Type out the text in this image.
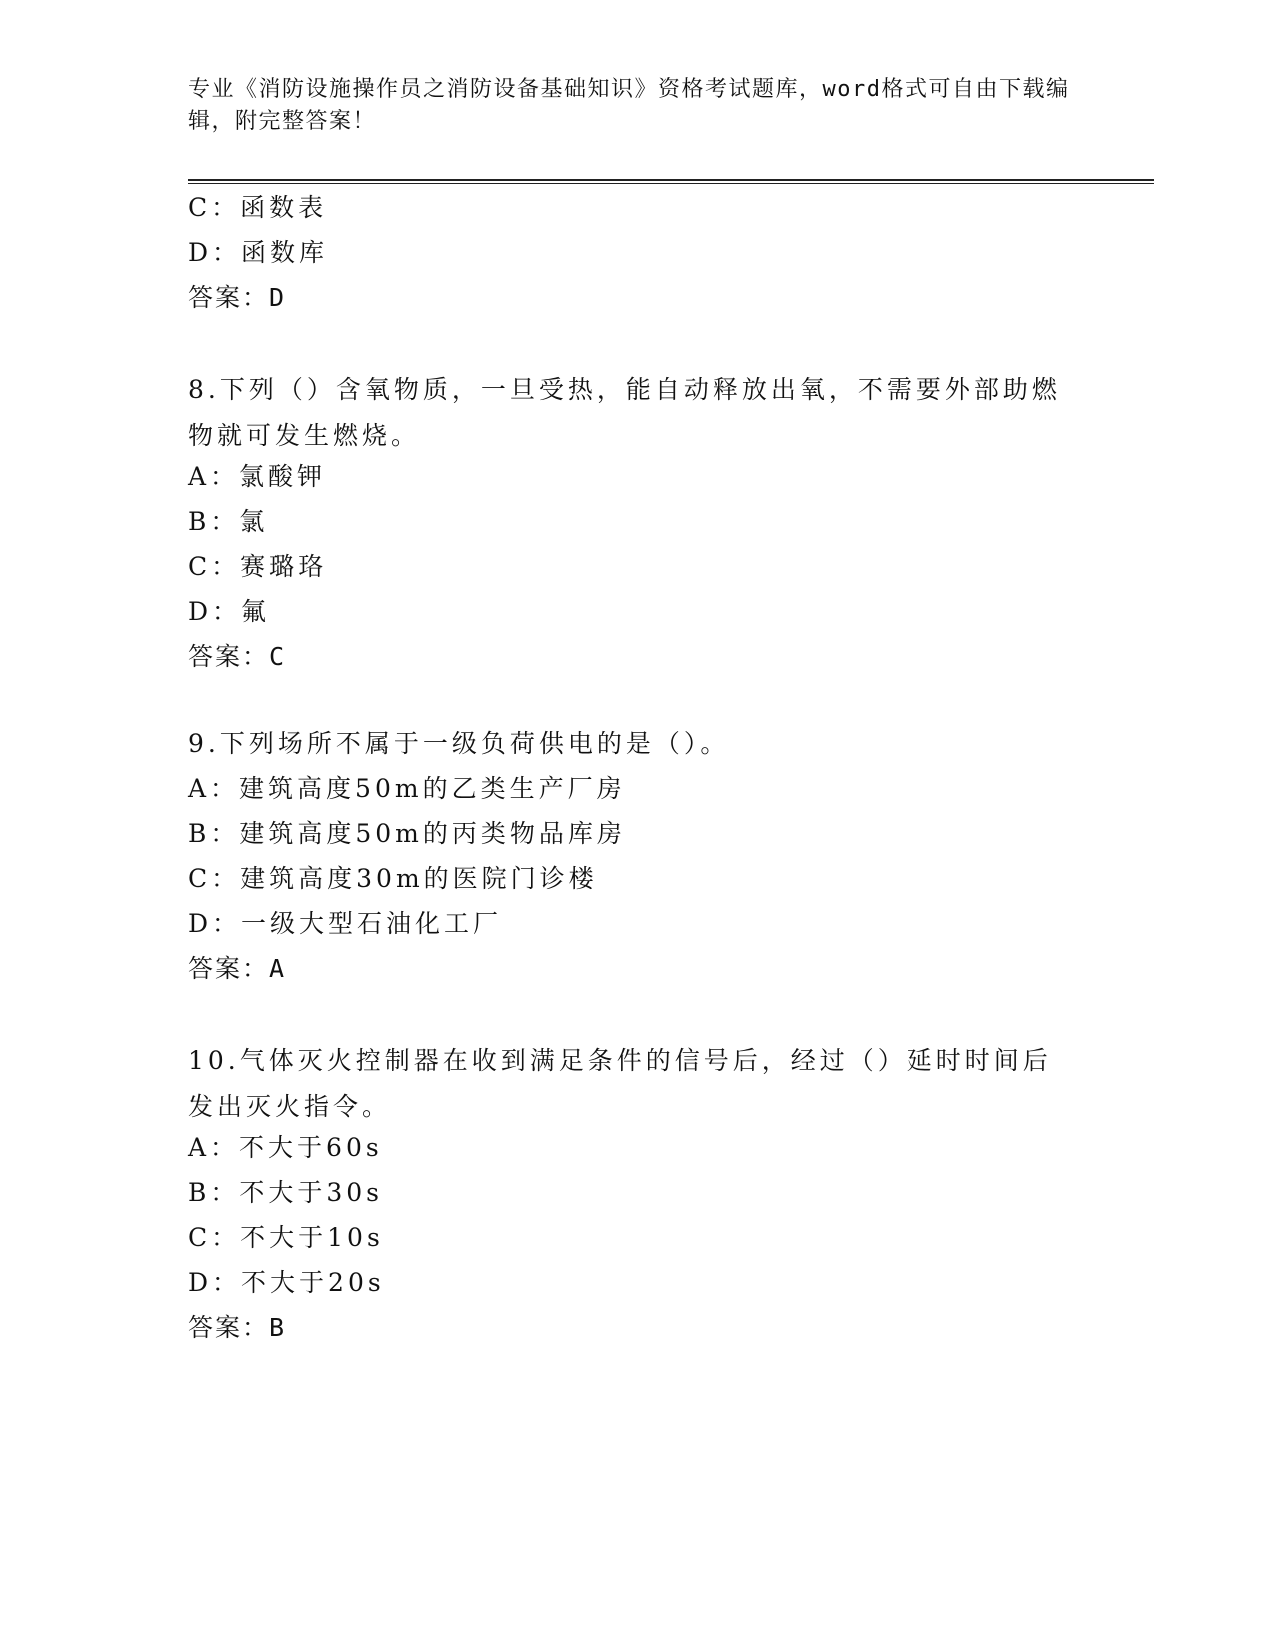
专业《消防设施操作员之消防设备基础知识》资格考试题库，word格式可自由下载编辑，附完整答案！
C：函数表
D：函数库
答案：D
8.下列（）含氧物质，一旦受热，能自动释放出氧，不需要外部助燃物就可发生燃烧。
A：氯酸钾
B：氯
C：赛璐珞
D：氟
答案：C
9.下列场所不属于一级负荷供电的是（）。
A：建筑高度50m的乙类生产厂房
B：建筑高度50m的丙类物品库房
C：建筑高度30m的医院门诊楼
D：一级大型石油化工厂
答案：A
10.气体灭火控制器在收到满足条件的信号后，经过（）延时时间后发出灭火指令。
A：不大于60s
B：不大于30s
C：不大于10s
D：不大于20s
答案：B
